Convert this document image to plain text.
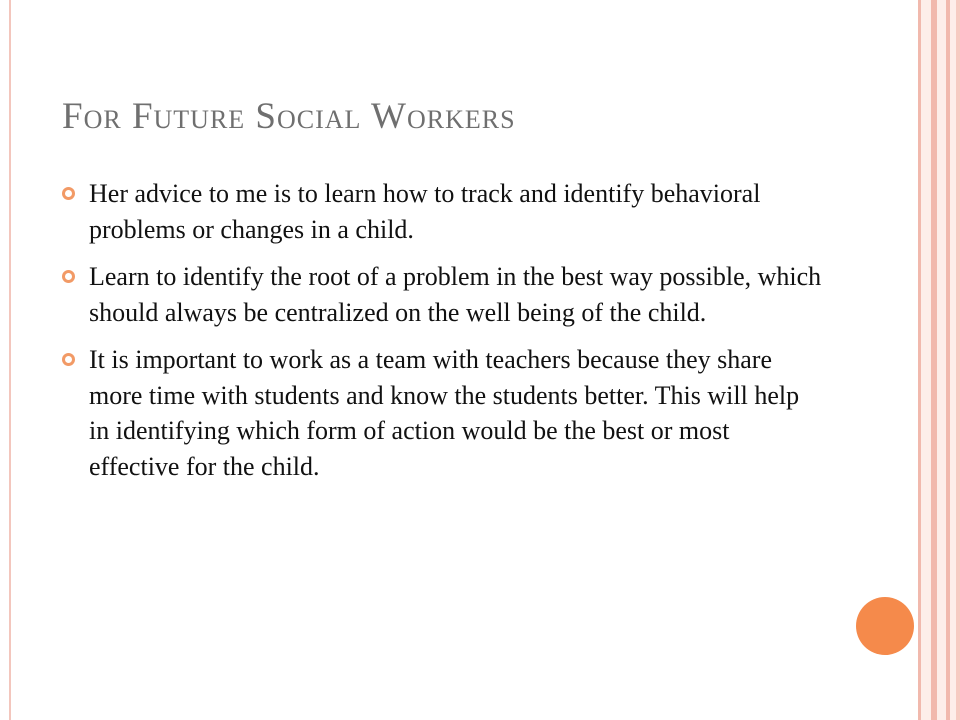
For Future Social Workers
Her advice to me is to learn how to track and identify behavioral problems or changes in a child.
Learn to identify the root of a problem in the best way possible, which should always be centralized on the well being of the child.
It is important to work as a team with teachers because they share more time with students and know the students better. This will help in identifying which form of action would be the best or most effective for the child.
